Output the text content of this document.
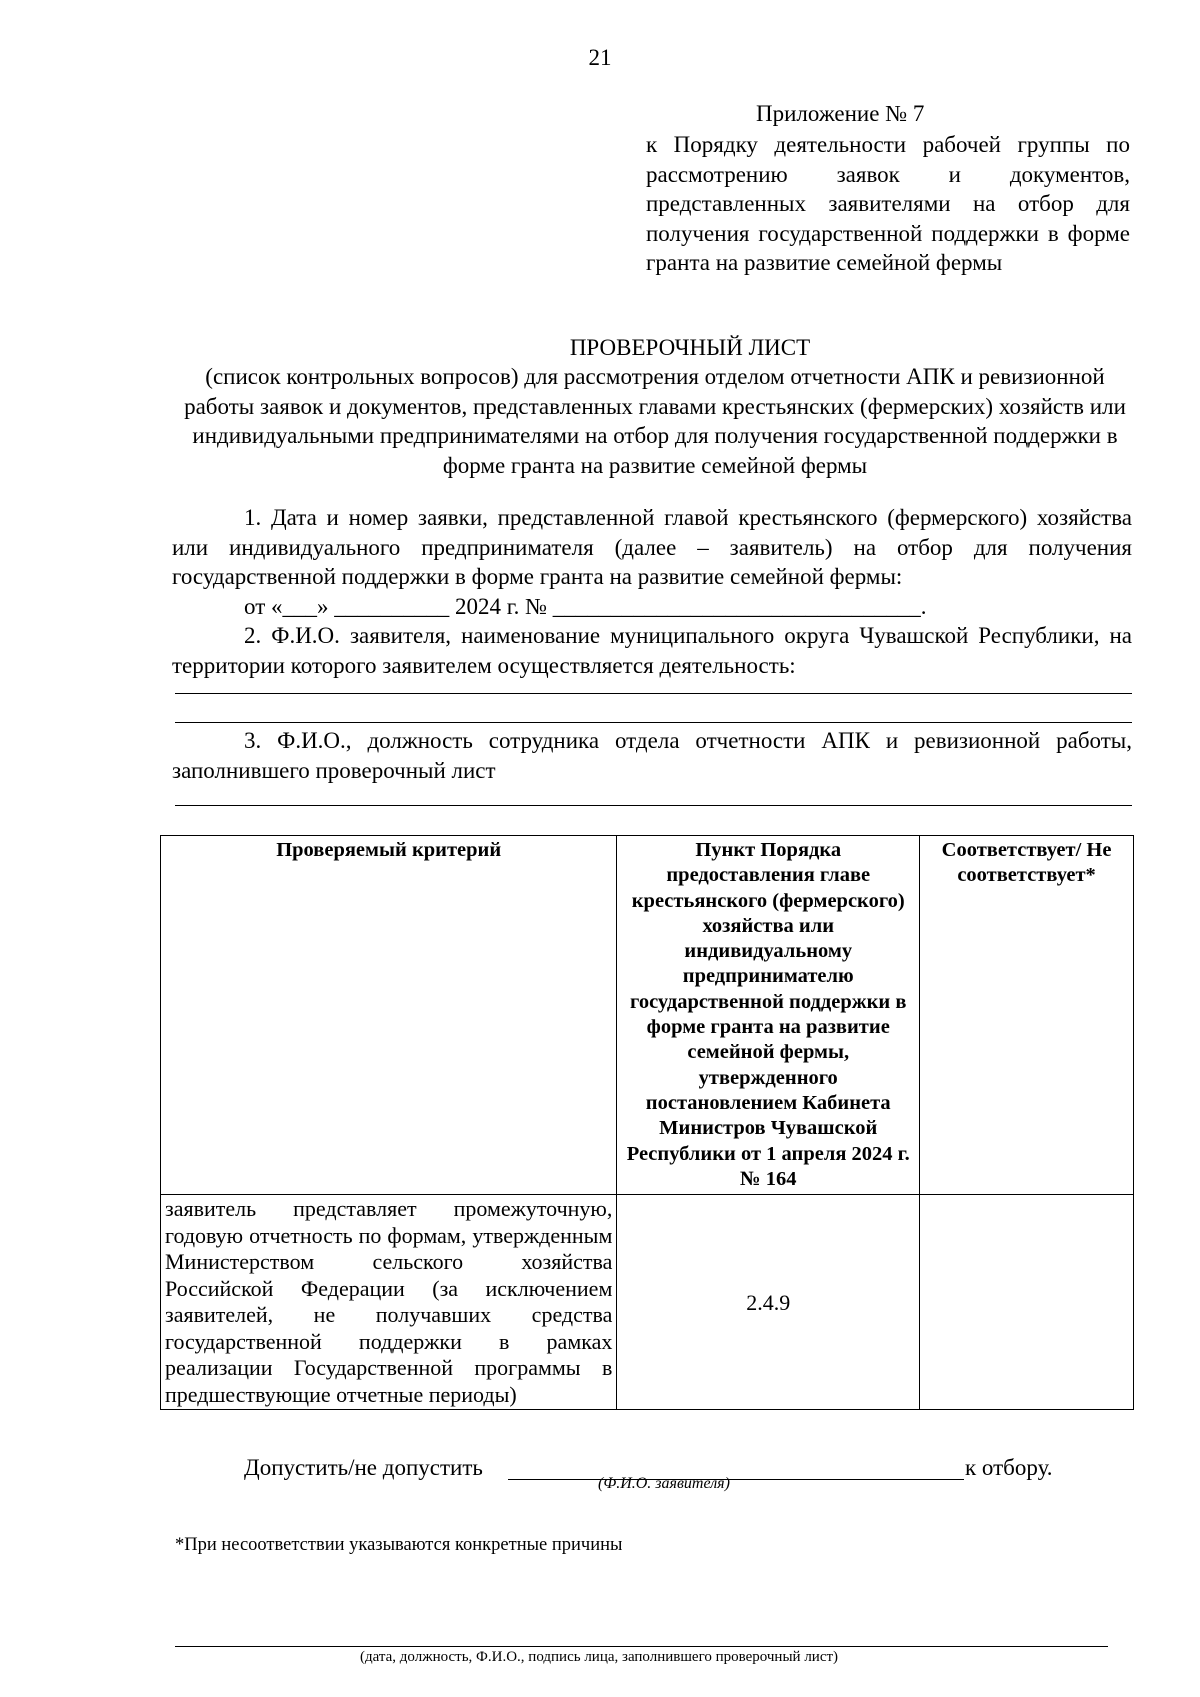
21
Приложение № 7
к Порядку деятельности рабочей группы по рассмотрению заявок и документов, представленных заявителями на отбор для получения государственной поддержки в форме гранта на развитие семейной фермы
ПРОВЕРОЧНЫЙ ЛИСТ
(список контрольных вопросов) для рассмотрения отделом отчетности АПК и ревизионной работы заявок и документов, представленных главами крестьянских (фермерских) хозяйств или индивидуальными предпринимателями на отбор для получения государственной поддержки в форме гранта на развитие семейной фермы
1. Дата и номер заявки, представленной главой крестьянского (фермерского) хозяйства или индивидуального предпринимателя (далее – заявитель) на отбор для получения государственной поддержки в форме гранта на развитие семейной фермы:
от «___» __________ 2024 г. № ________________________________.
2. Ф.И.О. заявителя, наименование муниципального округа Чувашской Республики, на территории которого заявителем осуществляется деятельность:
3. Ф.И.О., должность сотрудника отдела отчетности АПК и ревизионной работы, заполнившего проверочный лист
Проверяемый критерий	Пункт Порядка предоставления главе крестьянского (фермерского) хозяйства или индивидуальному предпринимателю государственной поддержки в форме гранта на развитие семейной фермы, утвержденного постановлением Кабинета Министров Чувашской Республики от 1 апреля 2024 г. № 164	Соответствует/ Не соответствует*
заявитель представляет промежуточную, годовую отчетность по формам, утвержденным Министерством сельского хозяйства Российской Федерации (за исключением заявителей, не получавших средства государственной поддержки в рамках реализации Государственной программы в предшествующие отчетные периоды)	2.4.9	
Допустить/не допустить	к отбору.
(Ф.И.О. заявителя)
*При несоответствии указываются конкретные причины
(дата, должность, Ф.И.О., подпись лица, заполнившего проверочный лист)
